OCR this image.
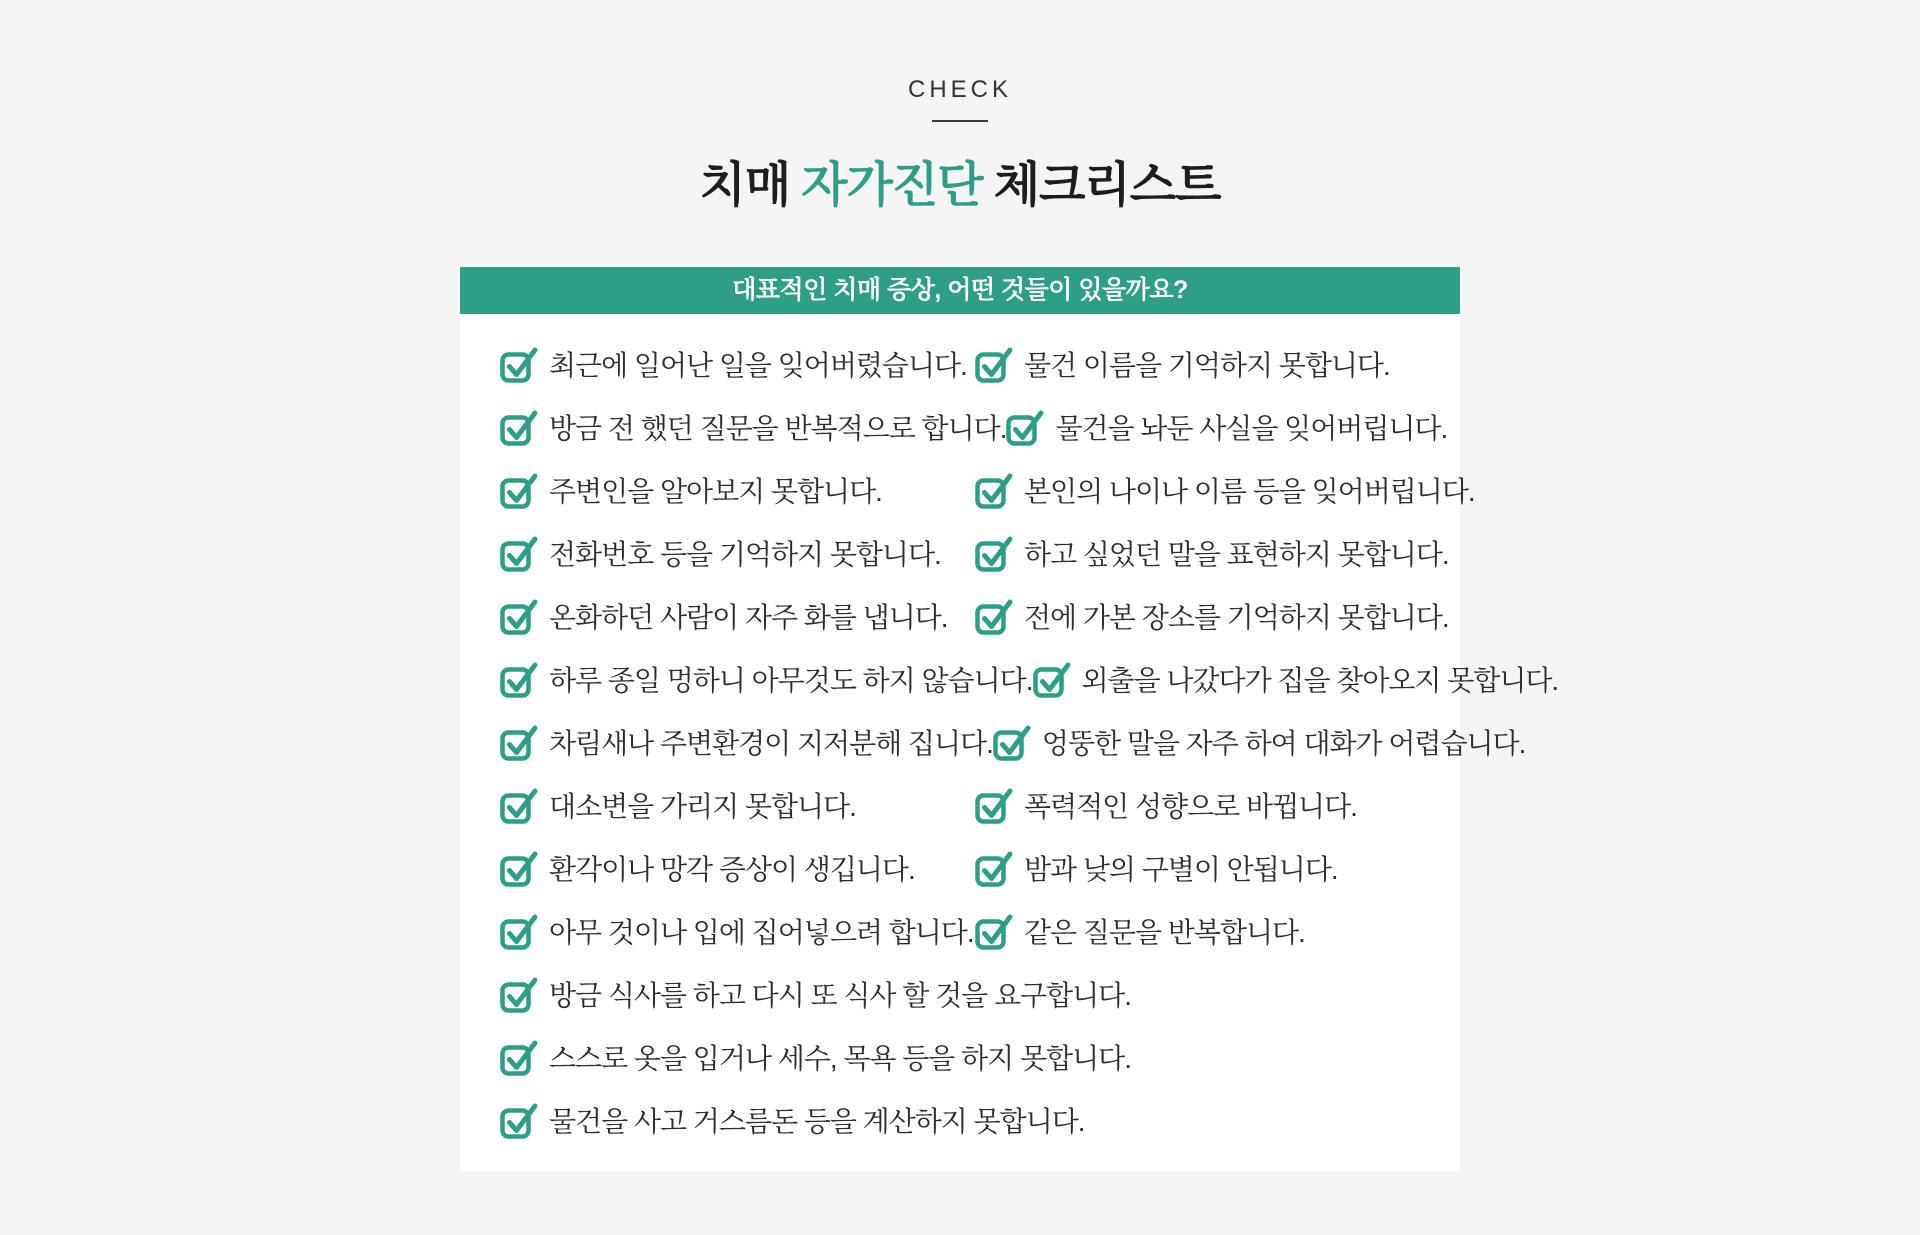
CHECK
치매 자가진단 체크리스트
대표적인 치매 증상, 어떤 것들이 있을까요?
최근에 일어난 일을 잊어버렸습니다. 물건 이름을 기억하지 못합니다.
방금 전 했던 질문을 반복적으로 합니다. 물건을 놔둔 사실을 잊어버립니다.
주변인을 알아보지 못합니다.	본인의 나이나 이름 등을 잊어버립니다.
전화번호 등을 기억하지 못합니다.	하고 싶었던 말을 표현하지 못합니다.
온화하던 사람이 자주 화를 냅니다.	전에 가본 장소를 기억하지 못합니다.
하루 종일 멍하니 아무것도 하지 않습니다. 외출을 나갔다가 집을 찾아오지 못합니다.
차림새나 주변환경이 지저분해 집니다. 엉뚱한 말을 자주 하여 대화가 어렵습니다.
대소변을 가리지 못합니다.	폭력적인 성향으로 바뀝니다.
환각이나 망각 증상이 생깁니다.	밤과 낮의 구별이 안됩니다.
아무 것이나 입에 집어넣으려 합니다. 같은 질문을 반복합니다.
방금 식사를 하고 다시 또 식사 할 것을 요구합니다.
스스로 옷을 입거나 세수, 목욕 등을 하지 못합니다.
물건을 사고 거스름돈 등을 계산하지 못합니다.
